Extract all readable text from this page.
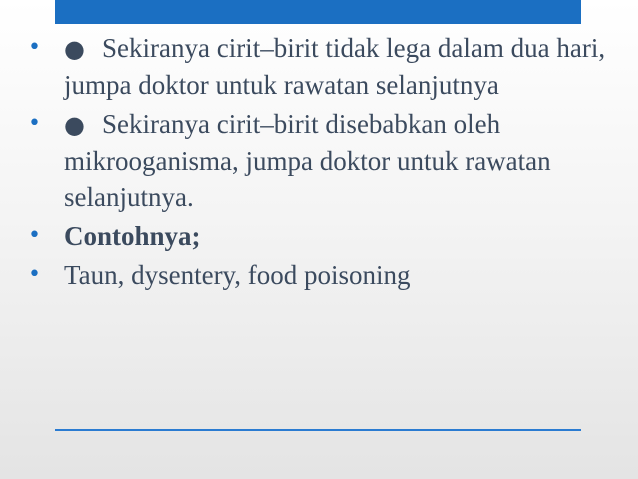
• ● Sekiranya cirit–birit tidak lega dalam dua hari, jumpa doktor untuk rawatan selanjutnya
• ● Sekiranya cirit–birit disebabkan oleh mikrooganisma, jumpa doktor untuk rawatan selanjutnya.
• Contohnya;
• Taun, dysentery, food poisoning
